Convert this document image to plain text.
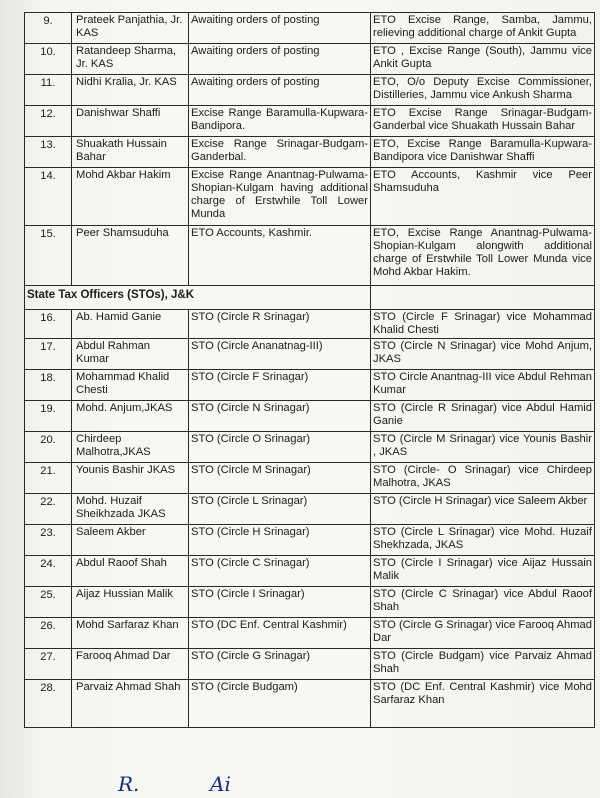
9.	Prateek Panjathia, Jr. KAS	Awaiting orders of posting	ETO Excise Range, Samba, Jammu, relieving additional charge of Ankit Gupta
10.	Ratandeep Sharma, Jr. KAS	Awaiting orders of posting	ETO , Excise Range (South), Jammu vice Ankit Gupta
11.	Nidhi Kralia, Jr. KAS	Awaiting orders of posting	ETO, O/o Deputy Excise Commissioner, Distilleries, Jammu vice Ankush Sharma
12.	Danishwar Shaffi	Excise Range Baramulla-Kupwara-Bandipora.	ETO Excise Range Srinagar-Budgam-Ganderbal vice Shuakath Hussain Bahar
13.	Shuakath Hussain Bahar	Excise Range Srinagar-Budgam-Ganderbal.	ETO, Excise Range Baramulla-Kupwara-Bandipora vice Danishwar Shaffi
14.	Mohd Akbar Hakim	Excise Range Anantnag-Pulwama-Shopian-Kulgam having additional charge of Erstwhile Toll Lower Munda	ETO Accounts, Kashmir vice Peer Shamsuduha
15.	Peer Shamsuduha	ETO Accounts, Kashmir.	ETO, Excise Range Anantnag-Pulwama-Shopian-Kulgam alongwith additional charge of Erstwhile Toll Lower Munda vice Mohd Akbar Hakim.
State Tax Officers (STOs), J&K			
16.	Ab. Hamid Ganie	STO (Circle R Srinagar)	STO (Circle F Srinagar) vice Mohammad Khalid Chesti
17.	Abdul Rahman Kumar	STO (Circle Ananatnag-III)	STO (Circle N Srinagar) vice Mohd Anjum, JKAS
18.	Mohammad Khalid Chesti	STO (Circle F Srinagar)	STO Circle Anantnag-III vice Abdul Rehman Kumar
19.	Mohd. Anjum,JKAS	STO (Circle N Srinagar)	STO (Circle R Srinagar) vice Abdul Hamid Ganie
20.	Chirdeep Malhotra,JKAS	STO (Circle O Srinagar)	STO (Circle M Srinagar) vice Younis Bashir , JKAS
21.	Younis Bashir JKAS	STO (Circle M Srinagar)	STO (Circle- O Srinagar) vice Chirdeep Malhotra, JKAS
22.	Mohd. Huzaif Sheikhzada JKAS	STO (Circle L Srinagar)	STO (Circle H Srinagar) vice Saleem Akber
23.	Saleem Akber	STO (Circle H Srinagar)	STO (Circle L Srinagar) vice Mohd. Huzaif Shekhzada, JKAS
24.	Abdul Raoof Shah	STO (Circle C Srinagar)	STO (Circle I Srinagar) vice Aijaz Hussain Malik
25.	Aijaz Hussian Malik	STO (Circle I Srinagar)	STO (Circle C Srinagar) vice Abdul Raoof Shah
26.	Mohd Sarfaraz Khan	STO (DC Enf. Central Kashmir)	STO (Circle G Srinagar) vice Farooq Ahmad Dar
27.	Farooq Ahmad Dar	STO (Circle G Srinagar)	STO (Circle Budgam) vice Parvaiz Ahmad Shah
28.	Parvaiz Ahmad Shah	STO (Circle Budgam)	STO (DC Enf. Central Kashmir) vice Mohd Sarfaraz Khan
R.	Ai
